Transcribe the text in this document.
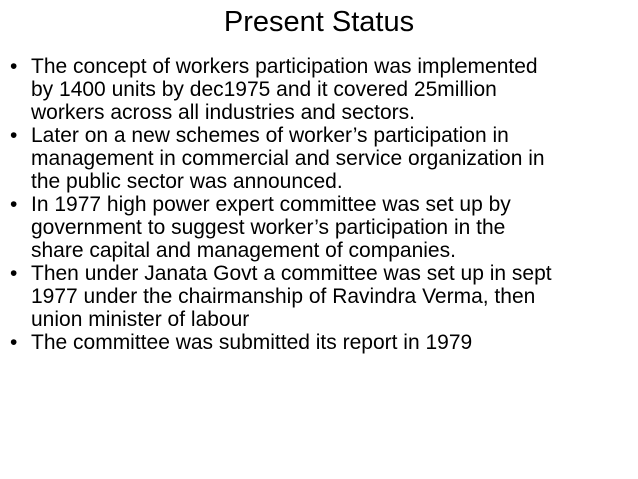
Present Status
• The concept of workers participation was implemented
by 1400 units by dec1975 and it covered 25million
workers across all industries and sectors.
• Later on a new schemes of worker’s participation in
management in commercial and service organization in
the public sector was announced.
• In 1977 high power expert committee was set up by
government to suggest worker’s participation in the
share capital and management of companies.
• Then under Janata Govt a committee was set up in sept
1977 under the chairmanship of Ravindra Verma, then
union minister of labour
• The committee was submitted its report in 1979
